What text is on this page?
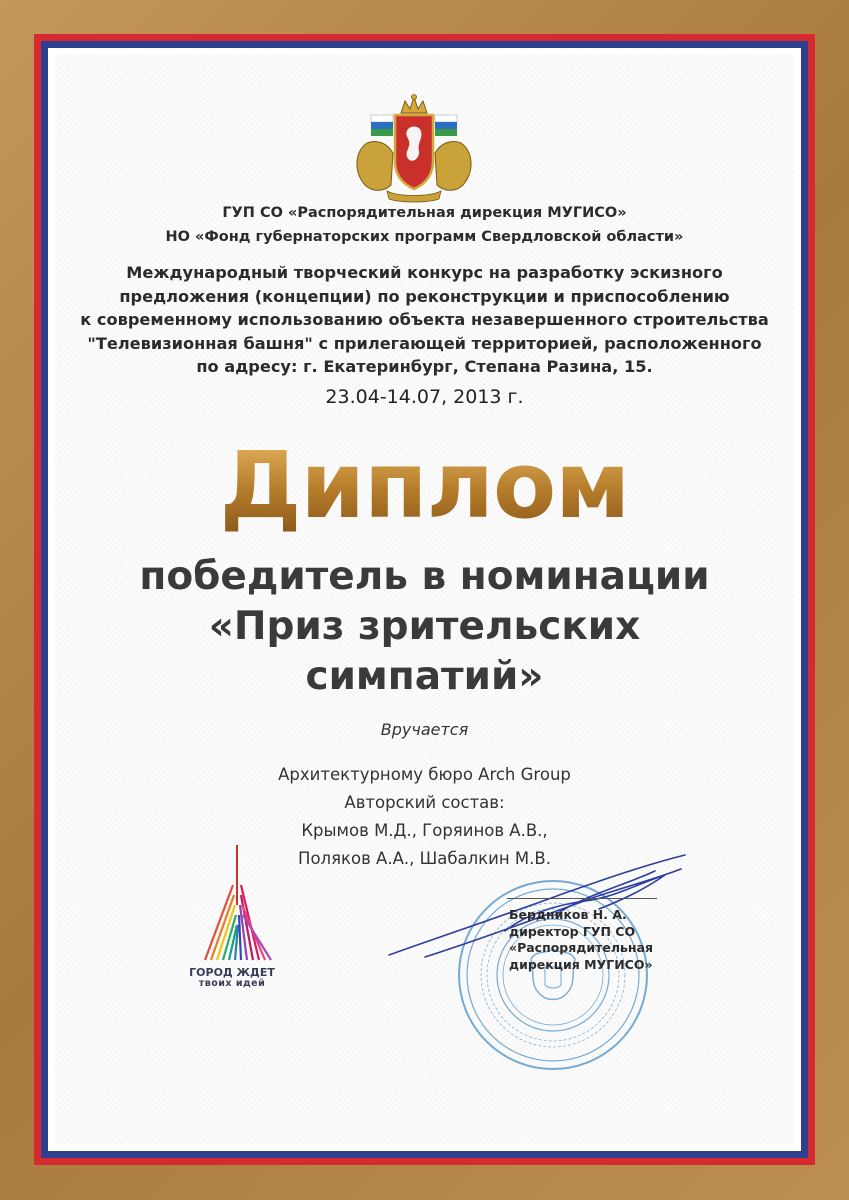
ГУП СО «Распорядительная дирекция МУГИСО»
НО «Фонд губернаторских программ Свердловской области»
Международный творческий конкурс на разработку эскизного
предложения (концепции) по реконструкции и приспособлению
к современному использованию объекта незавершенного строительства
"Телевизионная башня" с прилегающей территорией, расположенного
по адресу: г. Екатеринбург, Степана Разина, 15.
23.04-14.07, 2013 г.
Диплом
победитель в номинации
«Приз зрительских
симпатий»
Вручается
Архитектурному бюро Arch Group
Авторский состав:
Крымов М.Д., Горяинов А.В.,
Поляков А.А., Шабалкин М.В.
ГОРОД ЖДЕТ
твоих идей
Бердников Н. А.
директор ГУП СО
«Распорядительная
дирекция МУГИСО»
